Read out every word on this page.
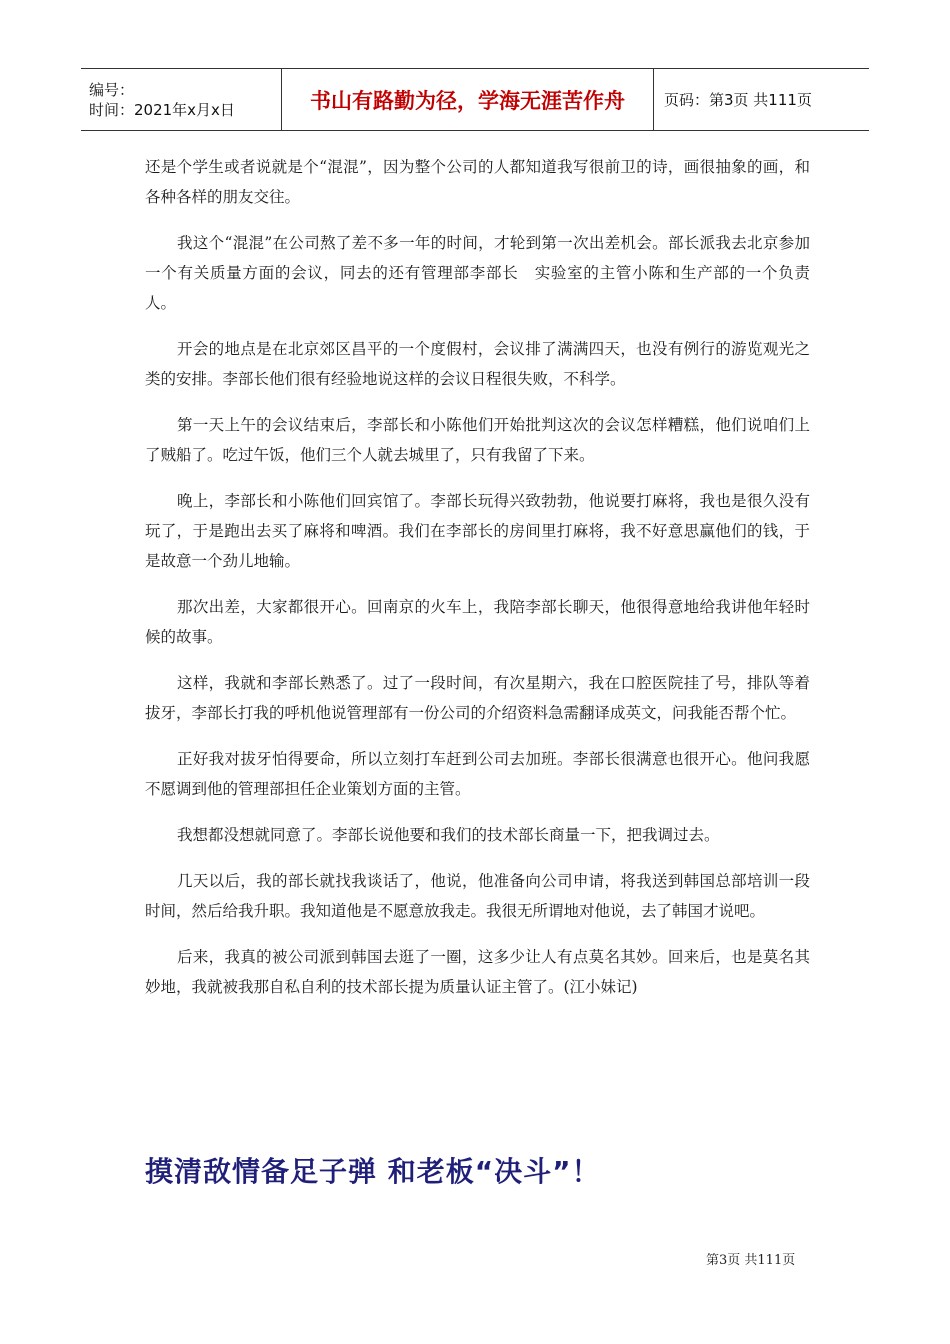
编号：
时间：2021年x月x日	书山有路勤为径，学海无涯苦作舟	页码：第3页 共111页

还是个学生或者说就是个“混混”，因为整个公司的人都知道我写很前卫的诗，画很抽象的画，和各种各样的朋友交往。

我这个“混混”在公司熬了差不多一年的时间，才轮到第一次出差机会。部长派我去北京参加一个有关质量方面的会议，同去的还有管理部李部长　实验室的主管小陈和生产部的一个负责人。

开会的地点是在北京郊区昌平的一个度假村，会议排了满满四天，也没有例行的游览观光之类的安排。李部长他们很有经验地说这样的会议日程很失败，不科学。

第一天上午的会议结束后，李部长和小陈他们开始批判这次的会议怎样糟糕，他们说咱们上了贼船了。吃过午饭，他们三个人就去城里了，只有我留了下来。

晚上，李部长和小陈他们回宾馆了。李部长玩得兴致勃勃，他说要打麻将，我也是很久没有玩了，于是跑出去买了麻将和啤酒。我们在李部长的房间里打麻将，我不好意思赢他们的钱，于是故意一个劲儿地输。

那次出差，大家都很开心。回南京的火车上，我陪李部长聊天，他很得意地给我讲他年轻时候的故事。

这样，我就和李部长熟悉了。过了一段时间，有次星期六，我在口腔医院挂了号，排队等着拔牙，李部长打我的呼机他说管理部有一份公司的介绍资料急需翻译成英文，问我能否帮个忙。

正好我对拔牙怕得要命，所以立刻打车赶到公司去加班。李部长很满意也很开心。他问我愿不愿调到他的管理部担任企业策划方面的主管。

我想都没想就同意了。李部长说他要和我们的技术部长商量一下，把我调过去。

几天以后，我的部长就找我谈话了，他说，他准备向公司申请，将我送到韩国总部培训一段时间，然后给我升职。我知道他是不愿意放我走。我很无所谓地对他说，去了韩国才说吧。

后来，我真的被公司派到韩国去逛了一圈，这多少让人有点莫名其妙。回来后，也是莫名其妙地，我就被我那自私自利的技术部长提为质量认证主管了。(江小妹记)

摸清敌情备足子弹 和老板“决斗”！
第3页 共111页
